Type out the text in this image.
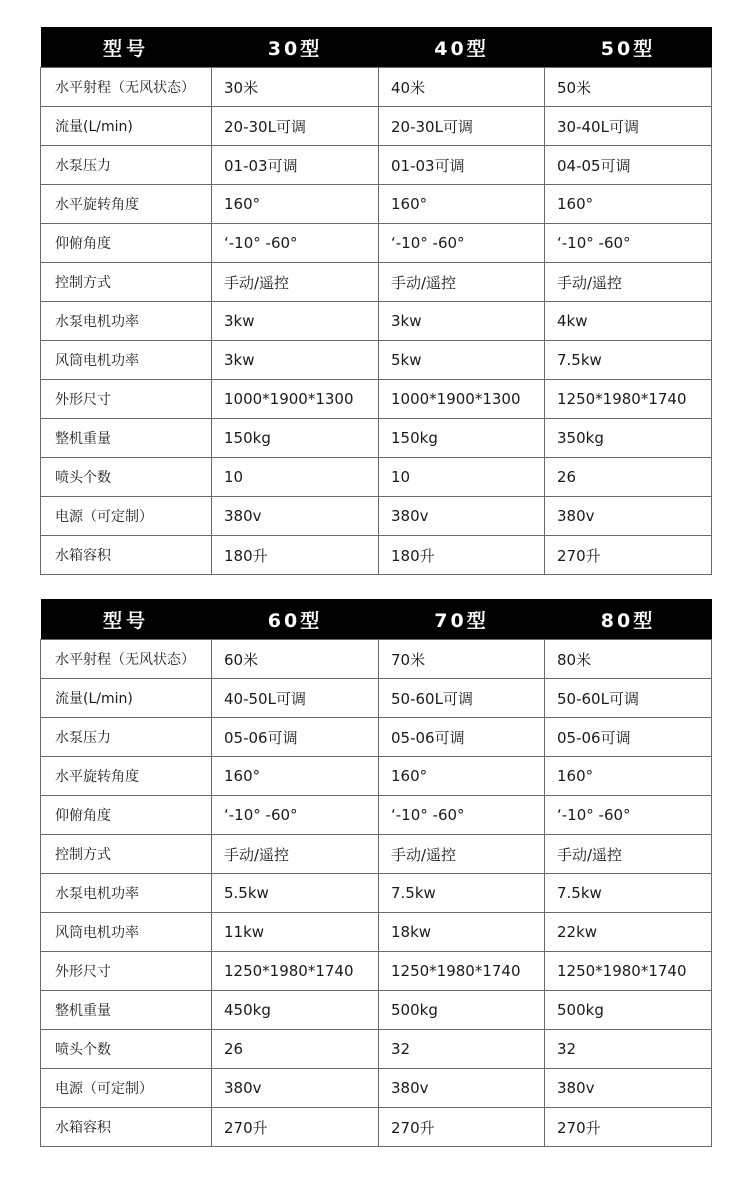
型号	30型	40型	50型
水平射程（无风状态）	30米	40米	50米
流量(L/min)	20-30L可调	20-30L可调	30-40L可调
水泵压力	01-03可调	01-03可调	04-05可调
水平旋转角度	160°	160°	160°
仰俯角度	‘-10° -60°	‘-10° -60°	‘-10° -60°
控制方式	手动/遥控	手动/遥控	手动/遥控
水泵电机功率	3kw	3kw	4kw
风筒电机功率	3kw	5kw	7.5kw
外形尺寸	1000*1900*1300	1000*1900*1300	1250*1980*1740
整机重量	150kg	150kg	350kg
喷头个数	10	10	26
电源（可定制）	380v	380v	380v
水箱容积	180升	180升	270升
型号	60型	70型	80型
水平射程（无风状态）	60米	70米	80米
流量(L/min)	40-50L可调	50-60L可调	50-60L可调
水泵压力	05-06可调	05-06可调	05-06可调
水平旋转角度	160°	160°	160°
仰俯角度	‘-10° -60°	‘-10° -60°	‘-10° -60°
控制方式	手动/遥控	手动/遥控	手动/遥控
水泵电机功率	5.5kw	7.5kw	7.5kw
风筒电机功率	11kw	18kw	22kw
外形尺寸	1250*1980*1740	1250*1980*1740	1250*1980*1740
整机重量	450kg	500kg	500kg
喷头个数	26	32	32
电源（可定制）	380v	380v	380v
水箱容积	270升	270升	270升
